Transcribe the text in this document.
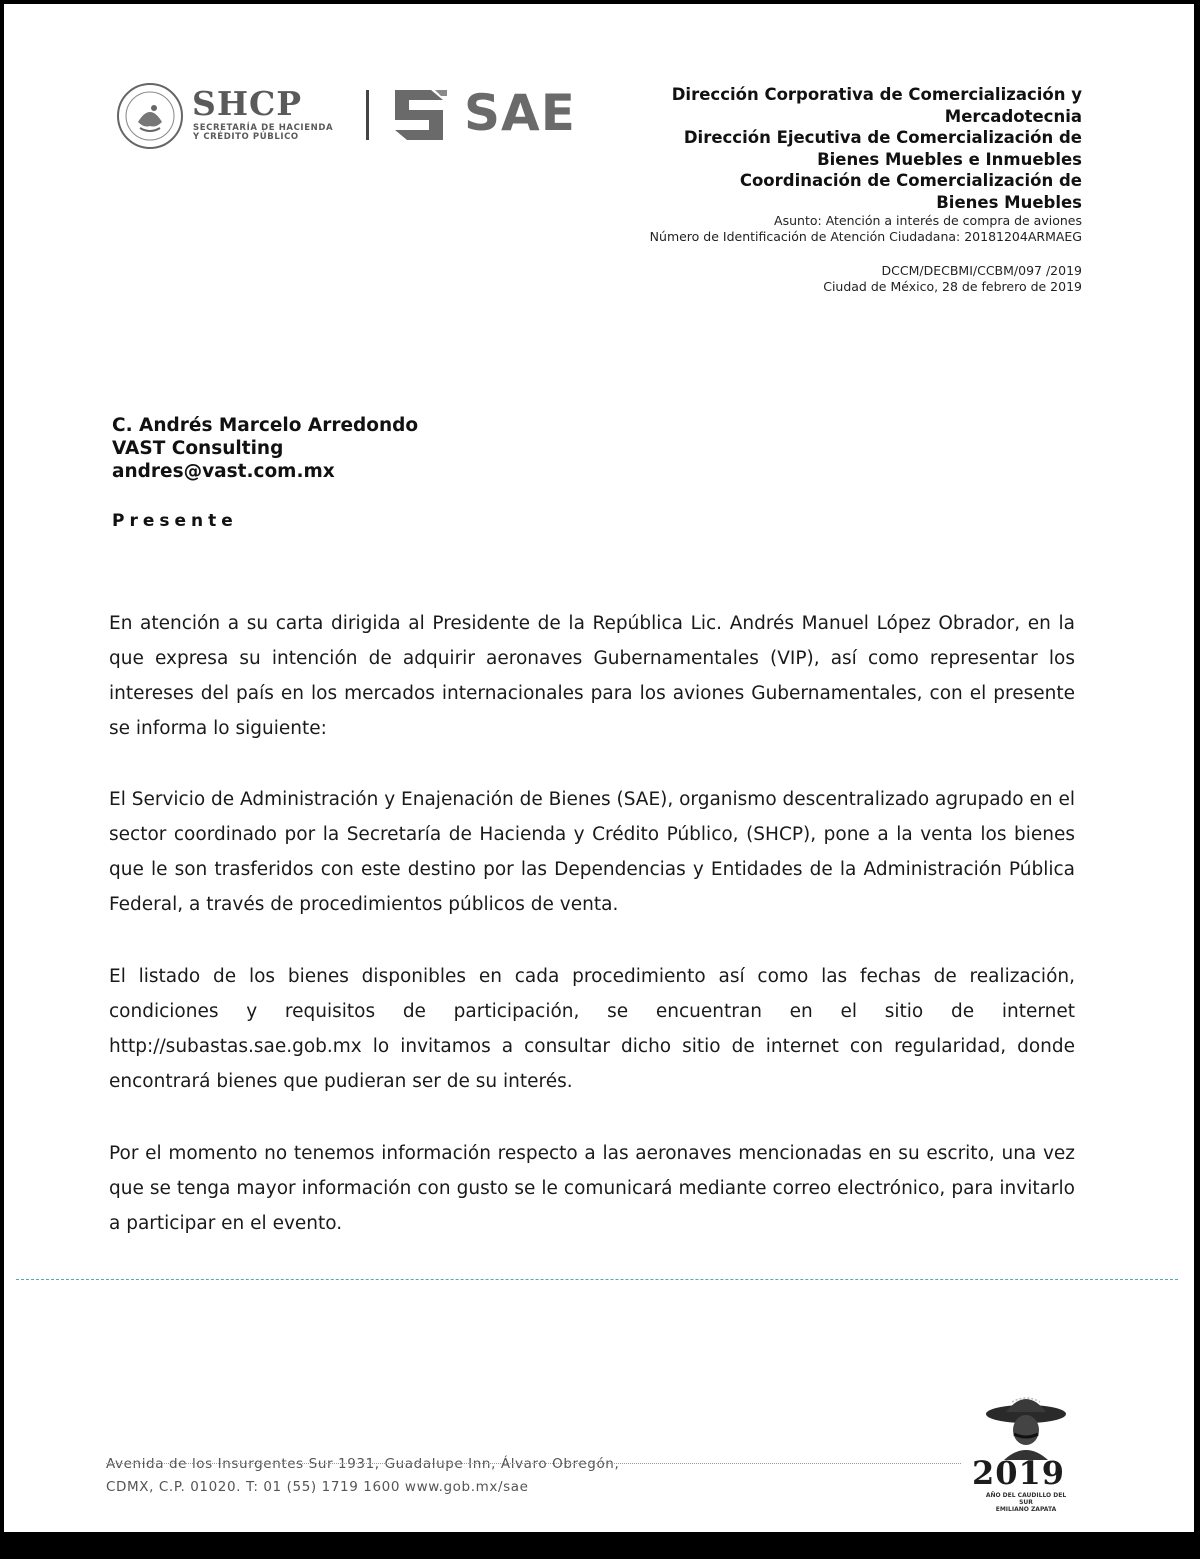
SHCP
SECRETARÍA DE HACIENDA
Y CRÉDITO PÚBLICO	SAE	Dirección Corporativa de Comercialización y
Mercadotecnia
Dirección Ejecutiva de Comercialización de
Bienes Muebles e Inmuebles
Coordinación de Comercialización de
Bienes Muebles
Asunto: Atención a interés de compra de aviones
Número de Identificación de Atención Ciudadana: 20181204ARMAEG
DCCM/DECBMI/CCBM/097 /2019
Ciudad de México, 28 de febrero de 2019
C. Andrés Marcelo Arredondo
VAST Consulting
andres@vast.com.mx
Presente
En atención a su carta dirigida al Presidente de la República Lic. Andrés Manuel López Obrador, en la que expresa su intención de adquirir aeronaves Gubernamentales (VIP), así como representar los intereses del país en los mercados internacionales para los aviones Gubernamentales, con el presente se informa lo siguiente:
El Servicio de Administración y Enajenación de Bienes (SAE), organismo descentralizado agrupado en el sector coordinado por la Secretaría de Hacienda y Crédito Público, (SHCP), pone a la venta los bienes que le son trasferidos con este destino por las Dependencias y Entidades de la Administración Pública Federal, a través de procedimientos públicos de venta.
El listado de los bienes disponibles en cada procedimiento así como las fechas de realización, condiciones y requisitos de participación, se encuentran en el sitio de internet http://subastas.sae.gob.mx lo invitamos a consultar dicho sitio de internet con regularidad, donde encontrará bienes que pudieran ser de su interés.
Por el momento no tenemos información respecto a las aeronaves mencionadas en su escrito, una vez que se tenga mayor información con gusto se le comunicará mediante correo electrónico, para invitarlo a participar en el evento.
Avenida de los Insurgentes Sur 1931, Guadalupe Inn, Álvaro Obregón,
CDMX, C.P. 01020. T: 01 (55) 1719 1600 www.gob.mx/sae	2019
AÑO DEL CAUDILLO DEL SUR
EMILIANO ZAPATA
